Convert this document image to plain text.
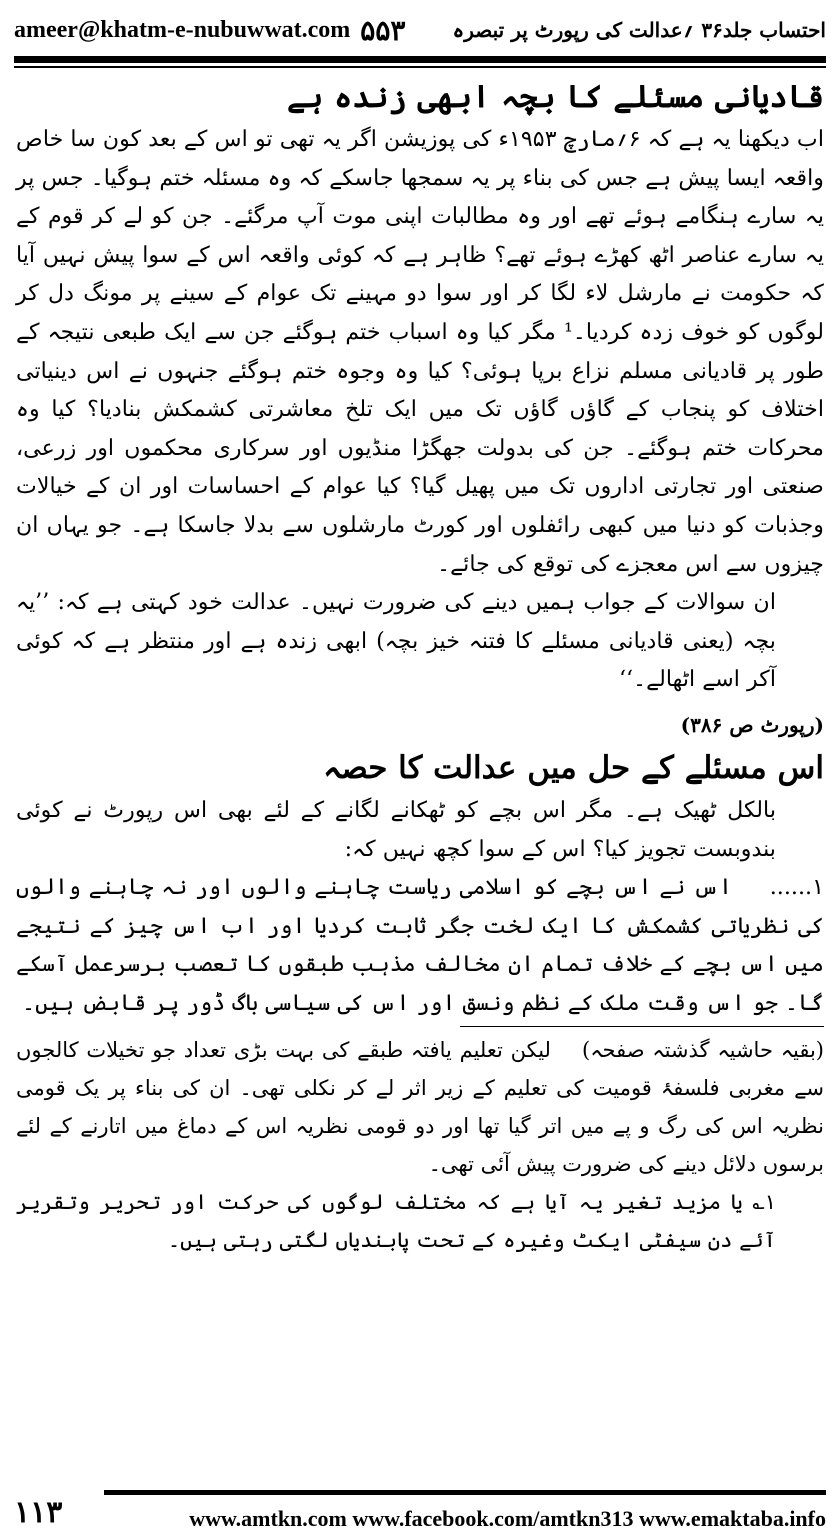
ameer@khatm-e-nubuwwat.com ۵۵۳ احتساب جلد۳۶ ؍عدالت کی رپورٹ پر تبصرہ
قادیانی مسئلے کا بچہ ابھی زندہ ہے

اب دیکھنا یہ ہے کہ ۶؍مارچ ۱۹۵۳ء کی پوزیشن اگر یہ تھی تو اس کے بعد کون سا خاص واقعہ ایسا پیش ہے جس کی بناء پر یہ سمجھا جاسکے کہ وہ مسئلہ ختم ہوگیا۔ جس پر یہ سارے ہنگامے ہوئے تھے اور وہ مطالبات اپنی موت آپ مرگئے۔ جن کو لے کر قوم کے یہ سارے عناصر اٹھ کھڑے ہوئے تھے؟ ظاہر ہے کہ کوئی واقعہ اس کے سوا پیش نہیں آیا کہ حکومت نے مارشل لاء لگا کر اور سوا دو مہینے تک عوام کے سینے پر مونگ دل کر لوگوں کو خوف زدہ کردیا۔¹ مگر کیا وہ اسباب ختم ہوگئے جن سے ایک طبعی نتیجہ کے طور پر قادیانی مسلم نزاع برپا ہوئی؟ کیا وہ وجوہ ختم ہوگئے جنہوں نے اس دینیاتی اختلاف کو پنجاب کے گاؤں گاؤں تک میں ایک تلخ معاشرتی کشمکش بنادیا؟ کیا وہ محرکات ختم ہوگئے۔ جن کی بدولت جھگڑا منڈیوں اور سرکاری محکموں اور زرعی، صنعتی اور تجارتی اداروں تک میں پھیل گیا؟ کیا عوام کے احساسات اور ان کے خیالات وجذبات کو دنیا میں کبھی رائفلوں اور کورٹ مارشلوں سے بدلا جاسکا ہے۔ جو یہاں ان چیزوں سے اس معجزے کی توقع کی جائے۔

ان سوالات کے جواب ہمیں دینے کی ضرورت نہیں۔ عدالت خود کہتی ہے کہ: ’’یہ بچہ (یعنی قادیانی مسئلے کا فتنہ خیز بچہ) ابھی زندہ ہے اور منتظر ہے کہ کوئی آکر اسے اٹھالے۔‘‘

(رپورٹ ص ۳۸۶)

اس مسئلے کے حل میں عدالت کا حصہ

بالکل ٹھیک ہے۔ مگر اس بچے کو ٹھکانے لگانے کے لئے بھی اس رپورٹ نے کوئی بندوبست تجویز کیا؟ اس کے سوا کچھ نہیں کہ:

۱......اس نے اس بچے کو اسلامی ریاست چاہنے والوں اور نہ چاہنے والوں کی نظریاتی کشمکش کا ایک لخت جگر ثابت کردیا اور اب اس چیز کے نتیجے میں اس بچے کے خلاف تمام ان مخالف مذہب طبقوں کا تعصب برسرعمل آسکے گا۔ جو اس وقت ملک کے نظم ونسق اور اس کی سیاسی باگ ڈور پر قابض ہیں۔

(بقیہ حاشیہ گذشتہ صفحہ)    لیکن تعلیم یافتہ طبقے کی بہت بڑی تعداد جو تخیلات کالجوں سے مغربی فلسفۂ قومیت کی تعلیم کے زیر اثر لے کر نکلی تھی۔ ان کی بناء پر یک قومی نظریہ اس کی رگ و پے میں اتر گیا تھا اور دو قومی نظریہ اس کے دماغ میں اتارنے کے لئے برسوں دلائل دینے کی ضرورت پیش آئی تھی۔

۱؎ یا مزید تغیر یہ آیا ہے کہ مختلف لوگوں کی حرکت اور تحریر وتقریر آئے دن سیفٹی ایکٹ وغیرہ کے تحت پابندیاں لگتی رہتی ہیں۔

۱۱۳	www.amtkn.com www.facebook.com/amtkn313 www.emaktaba.info
